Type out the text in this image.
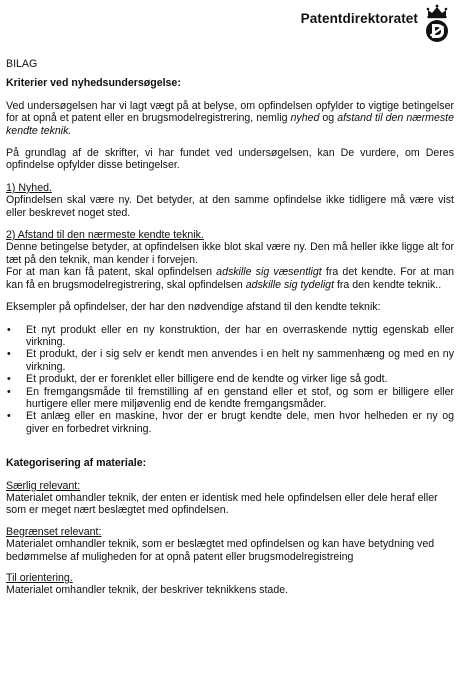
Patentdirektoratet

BILAG

Kriterier ved nyhedsundersøgelse:

Ved undersøgelsen har vi lagt vægt på at belyse, om opfindelsen opfylder to vigtige betingelser for at opnå et patent eller en brugsmodelregistrering, nemlig nyhed og afstand til den nærmeste kendte teknik.

På grundlag af de skrifter, vi har fundet ved undersøgelsen, kan De vurdere, om Deres opfindelse opfylder disse betingelser.

1) Nyhed.

Opfindelsen skal være ny. Det betyder, at den samme opfindelse ikke tidligere må være vist eller beskrevet noget sted.

2) Afstand til den nærmeste kendte teknik.

Denne betingelse betyder, at opfindelsen ikke blot skal være ny. Den må heller ikke ligge alt for tæt på den teknik, man kender i forvejen.

For at man kan få patent, skal opfindelsen adskille sig væsentligt fra det kendte. For at man kan få en brugsmodelregistrering, skal opfindelsen adskille sig tydeligt fra den kendte teknik..

Eksempler på opfindelser, der har den nødvendige afstand til den kendte teknik:

• Et nyt produkt eller en ny konstruktion, der har en overraskende nyttig egenskab eller virkning.
• Et produkt, der i sig selv er kendt men anvendes i en helt ny sammenhæng og med en ny virkning.
• Et produkt, der er forenklet eller billigere end de kendte og virker lige så godt.
• En fremgangsmåde til fremstilling af en genstand eller et stof, og som er billigere eller hurtigere eller mere miljøvenlig end de kendte fremgangsmåder.
• Et anlæg eller en maskine, hvor der er brugt kendte dele, men hvor helheden er ny og giver en forbedret virkning.

Kategorisering af materiale:

Særlig relevant:

Materialet omhandler teknik, der enten er identisk med hele opfindelsen eller dele heraf eller som er meget nært beslægtet med opfindelsen.

Begrænset relevant:

Materialet omhandler teknik, som er beslægtet med opfindelsen og kan have betydning ved bedømmelse af muligheden for at opnå patent eller brugsmodelregistreing

Til orientering.

Materialet omhandler teknik, der beskriver teknikkens stade.
